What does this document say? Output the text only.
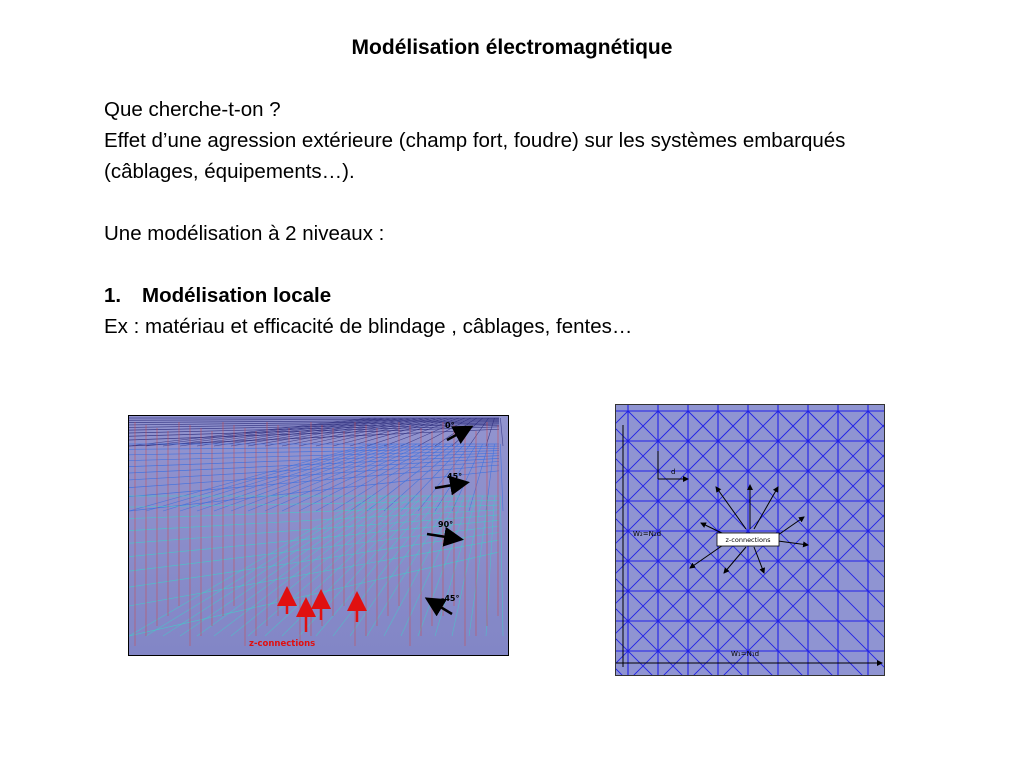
Modélisation électromagnétique

Que cherche-t-on ?

Effet d’une agression extérieure (champ fort, foudre) sur les systèmes embarqués

(câblages, équipements…).

Une modélisation à 2 niveaux :

1. Modélisation locale

Ex : matériau et efficacité de blindage , câblages, fentes…

0°
45°
90°
-45°
z-connections
d
W₂=N₂d
W₁=N₁d
z-connections
